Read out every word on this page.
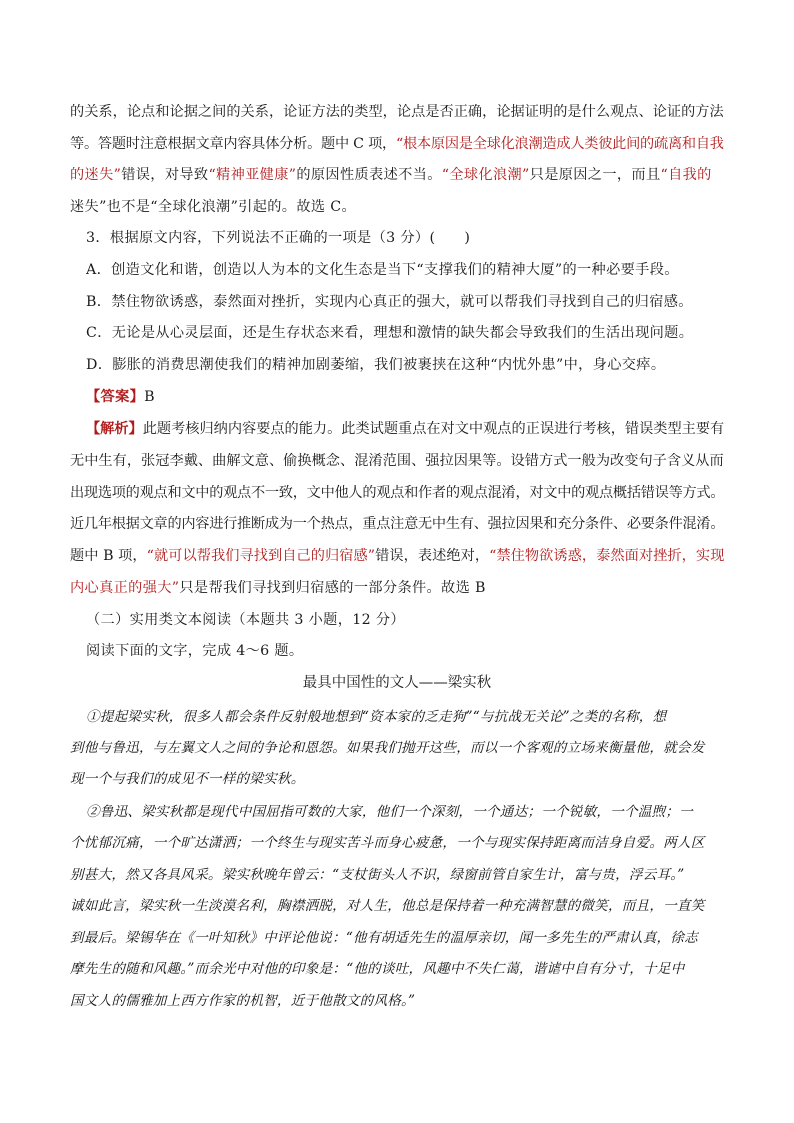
的关系，论点和论据之间的关系，论证方法的类型，论点是否正确，论据证明的是什么观点、论证的方法
等。答题时注意根据文章内容具体分析。题中 C 项，“根本原因是全球化浪潮造成人类彼此间的疏离和自我
的迷失”错误，对导致“精神亚健康”的原因性质表述不当。“全球化浪潮”只是原因之一，而且“自我的
迷失”也不是“全球化浪潮”引起的。故选 C。
3．根据原文内容，下列说法不正确的一项是（3 分）(　　)
A．创造文化和谐，创造以人为本的文化生态是当下“支撑我们的精神大厦”的一种必要手段。
B．禁住物欲诱惑，泰然面对挫折，实现内心真正的强大，就可以帮我们寻找到自己的归宿感。
C．无论是从心灵层面，还是生存状态来看，理想和激情的缺失都会导致我们的生活出现问题。
D．膨胀的消费思潮使我们的精神加剧萎缩，我们被裹挟在这种“内忧外患”中，身心交瘁。
【答案】B
【解析】此题考核归纳内容要点的能力。此类试题重点在对文中观点的正误进行考核，错误类型主要有
无中生有，张冠李戴、曲解文意、偷换概念、混淆范围、强拉因果等。设错方式一般为改变句子含义从而
出现选项的观点和文中的观点不一致，文中他人的观点和作者的观点混淆，对文中的观点概括错误等方式。
近几年根据文章的内容进行推断成为一个热点，重点注意无中生有、强拉因果和充分条件、必要条件混淆。
题中 B 项，“就可以帮我们寻找到自己的归宿感”错误，表述绝对，“禁住物欲诱惑，泰然面对挫折，实现
内心真正的强大”只是帮我们寻找到归宿感的一部分条件。故选 B
（二）实用类文本阅读（本题共 3 小题，12 分）
阅读下面的文字，完成 4～6 题。
最具中国性的文人——梁实秋
①提起梁实秋，很多人都会条件反射般地想到“资本家的乏走狗”“与抗战无关论”之类的名称，想
到他与鲁迅，与左翼文人之间的争论和恩怨。如果我们抛开这些，而以一个客观的立场来衡量他，就会发
现一个与我们的成见不一样的梁实秋。
②鲁迅、梁实秋都是现代中国屈指可数的大家，他们一个深刻，一个通达；一个锐敏，一个温煦；一
个忧郁沉痛，一个旷达潇洒；一个终生与现实苦斗而身心疲惫，一个与现实保持距离而洁身自爱。两人区
别甚大，然又各具风采。梁实秋晚年曾云：“支杖街头人不识，绿窗前管自家生计，富与贵，浮云耳。”
诚如此言，梁实秋一生淡漠名利，胸襟洒脱，对人生，他总是保持着一种充满智慧的微笑，而且，一直笑
到最后。梁锡华在《一叶知秋》中评论他说：“他有胡适先生的温厚亲切，闻一多先生的严肃认真，徐志
摩先生的随和风趣。”而余光中对他的印象是：“他的谈吐，风趣中不失仁蔼，谐谑中自有分寸，十足中
国文人的儒雅加上西方作家的机智，近于他散文的风格。”
